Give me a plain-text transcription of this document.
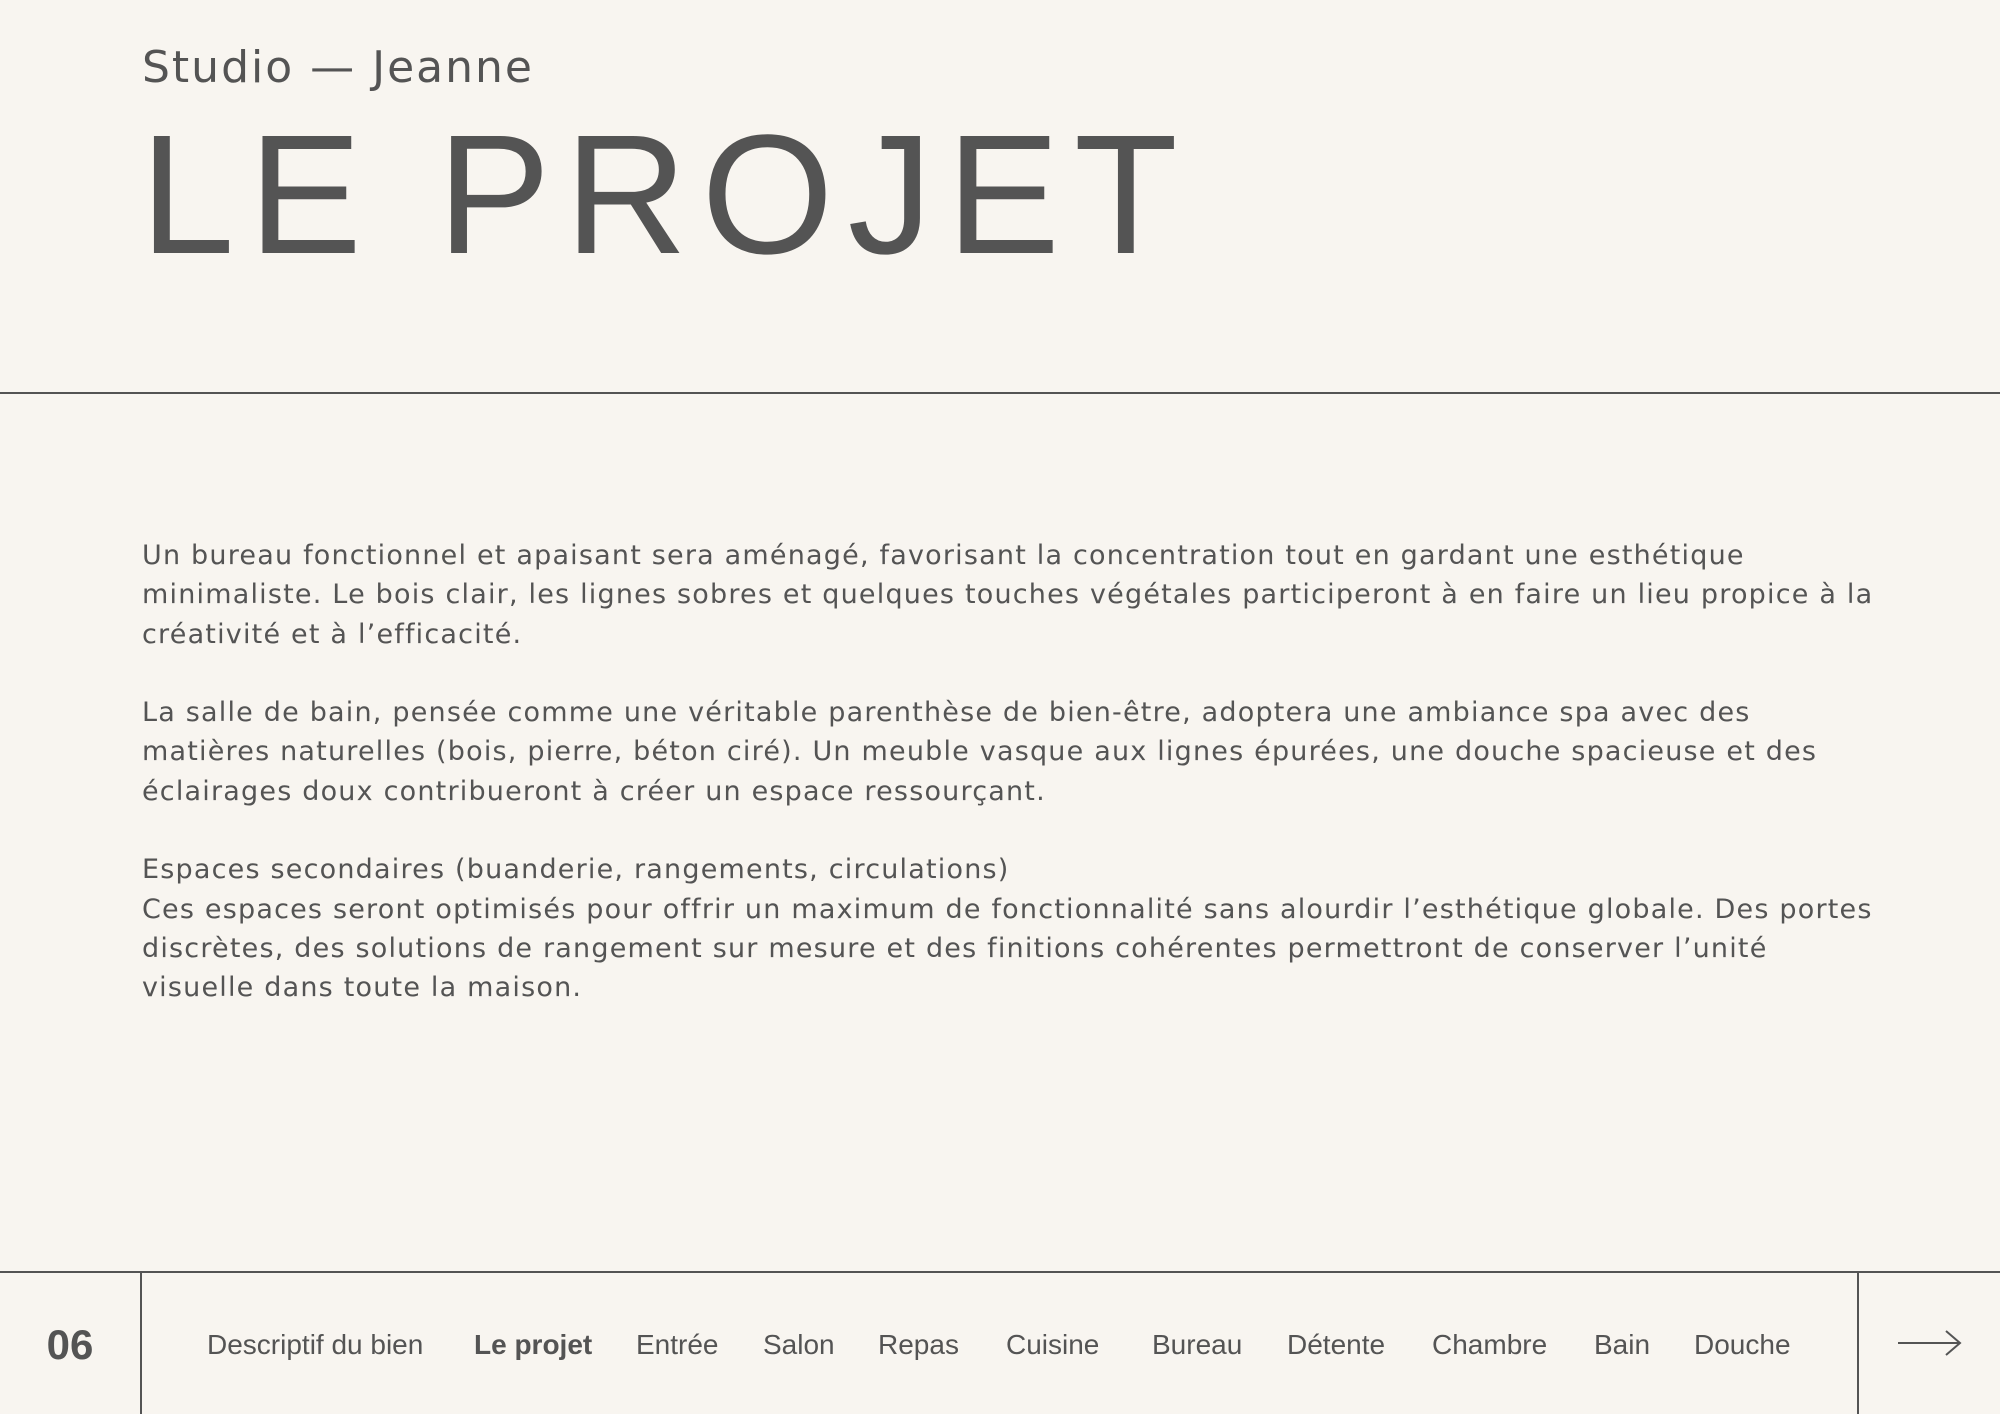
Studio — Jeanne
LE PROJET

Un bureau fonctionnel et apaisant sera aménagé, favorisant la concentration tout en gardant une esthétique minimaliste. Le bois clair, les lignes sobres et quelques touches végétales participeront à en faire un lieu propice à la créativité et à l’efficacité.

La salle de bain, pensée comme une véritable parenthèse de bien-être, adoptera une ambiance spa avec des matières naturelles (bois, pierre, béton ciré). Un meuble vasque aux lignes épurées, une douche spacieuse et des éclairages doux contribueront à créer un espace ressourçant.

Espaces secondaires (buanderie, rangements, circulations)
Ces espaces seront optimisés pour offrir un maximum de fonctionnalité sans alourdir l’esthétique globale. Des portes discrètes, des solutions de rangement sur mesure et des finitions cohérentes permettront de conserver l’unité visuelle dans toute la maison.

06	Descriptif du bien Le projet Entrée Salon Repas Cuisine Bureau Détente Chambre Bain Douche
